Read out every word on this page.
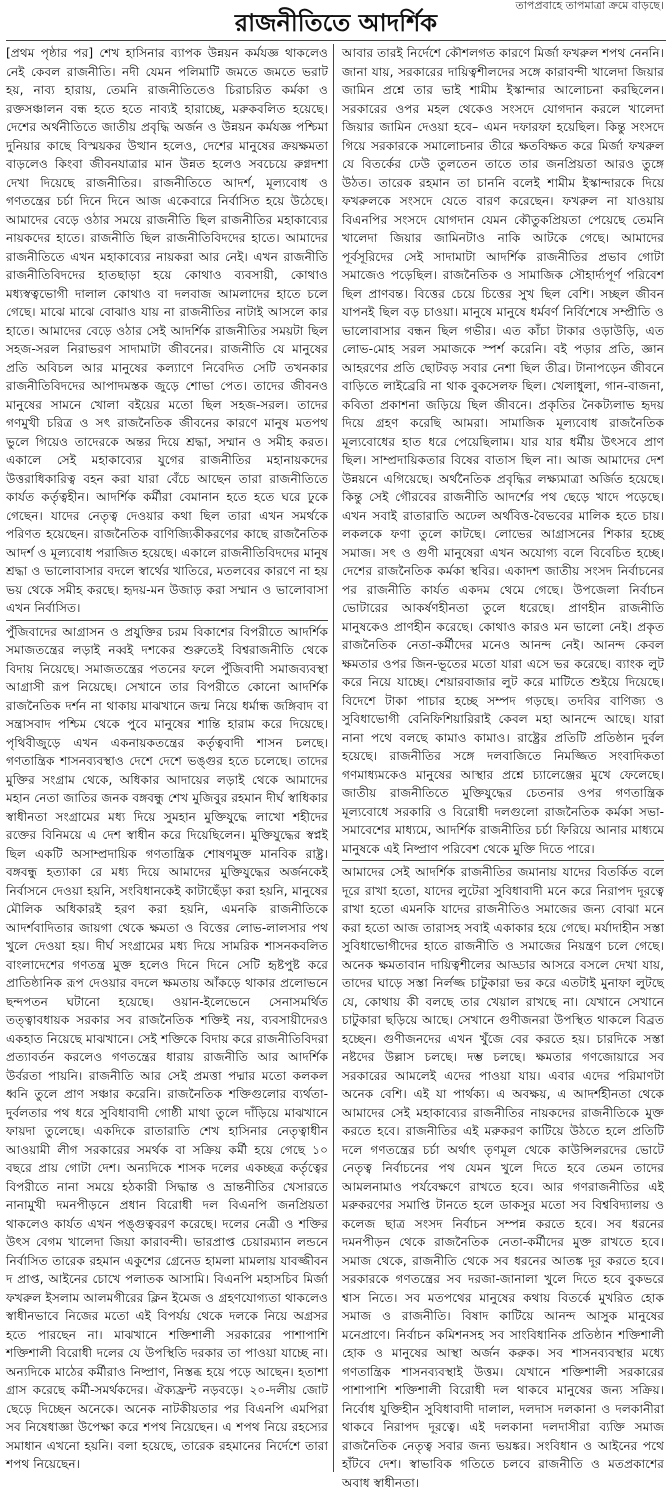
তাপপ্রবাহে তাপমাত্রা ক্রমে বাড়ছে।
রাজনীতিতে আদর্শিক

[প্রথম পৃষ্ঠার পর] শেখ হাসিনার ব্যাপক উন্নয়ন কর্মযজ্ঞ থাকলেও নেই কেবল রাজনীতি। নদী যেমন পলিমাটি জমতে জমতে ভরাট হয়, নাব্য হারায়, তেমনি রাজনীতিতেও চিরাচরিত কর্মকা ও রক্তসঞ্চালন বন্ধ হতে হতে নাব্যই হারাচ্ছে, মরুকবলিত হয়েছে। দেশের অর্থনীতিতে জাতীয় প্রবৃদ্ধি অর্জন ও উন্নয়ন কর্মযজ্ঞ পশ্চিমা দুনিয়ার কাছে বিস্ময়কর উত্থান হলেও, দেশের মানুষের ক্রয়ক্ষমতা বাড়লেও কিংবা জীবনযাত্রার মান উন্নত হলেও সবচেয়ে রুগ্নদশা দেখা দিয়েছে রাজনীতির। রাজনীতিতে আদর্শ, মূল্যবোধ ও গণতন্ত্রের চর্চা দিনে দিনে আজ একেবারে নির্বাসিত হয়ে উঠেছে। আমাদের বেড়ে ওঠার সময়ে রাজনীতি ছিল রাজনীতির মহাকাব্যের নায়কদের হাতে। রাজনীতি ছিল রাজনীতিবিদদের হাতে। আমাদের রাজনীতিতে এখন মহাকাব্যের নায়করা আর নেই। এখন রাজনীতি রাজনীতিবিদদের হাতছাড়া হয়ে কোথাও ব্যবসায়ী, কোথাও মধ্যস্বত্বভোগী দালাল কোথাও বা দলবাজ আমলাদের হাতে চলে গেছে। মাঝে মাঝে বোঝাও যায় না রাজনীতির নাটাই আসলে কার হাতে। আমাদের বেড়ে ওঠার সেই আদর্শিক রাজনীতির সময়টা ছিল সহজ-সরল নিরাভরণ সাদামাটা জীবনের। রাজনীতি যে মানুষের প্রতি অবিচল আর মানুষের কল্যাণে নিবেদিত সেটি তখনকার রাজনীতিবিদদের আপাদমস্তক জুড়ে শোভা পেত। তাদের জীবনও মানুষের সামনে খোলা বইয়ের মতো ছিল সহজ-সরল। তাদের গণমুখী চরিত্র ও সৎ রাজনৈতিক জীবনের কারণে মানুষ মতপথ ভুলে গিয়েও তাদেরকে অন্তর দিয়ে শ্রদ্ধা, সম্মান ও সমীহ করত। একালে সেই মহাকাব্যের যুগের রাজনীতির মহানায়কদের উত্তরাধিকারিত্ব বহন করা যারা বেঁচে আছেন তারা রাজনীতিতে কার্যত কর্তৃত্বহীন। আদর্শিক কর্মীরা বেমানান হতে হতে ঘরে ঢুকে গেছেন। যাদের নেতৃত্ব দেওয়ার কথা ছিল তারা এখন সমর্থকে পরিণত হয়েছেন। রাজনৈতিক বাণিজ্যিকীকরণের কাছে রাজনৈতিক আদর্শ ও মূল্যবোধ পরাজিত হয়েছে। একালে রাজনীতিবিদদের মানুষ শ্রদ্ধা ও ভালোবাসার বদলে স্বার্থের খাতিরে, মতলবের কারণে না হয় ভয় থেকে সমীহ করছে। হৃদয়-মন উজাড় করা সম্মান ও ভালোবাসা এখন নির্বাসিত।

পুঁজিবাদের আগ্রাসন ও প্রযুক্তির চরম বিকাশের বিপরীতে আদর্শিক সমাজতন্ত্রের লড়াই নব্বই দশকের শুরুতেই বিশ্বরাজনীতি থেকে বিদায় নিয়েছে। সমাজতন্ত্রের পতনের ফলে পুঁজিবাদী সমাজব্যবস্থা আগ্রাসী রূপ নিয়েছে। সেখানে তার বিপরীতে কোনো আদর্শিক রাজনৈতিক দর্শন না থাকায় মাঝখানে জন্ম নিয়ে ধর্মান্ধ জঙ্গিবাদ বা সন্ত্রাসবাদ পশ্চিম থেকে পুবে মানুষের শান্তি হারাম করে দিয়েছে। পৃথিবীজুড়ে এখন একনায়কতন্ত্রের কর্তৃত্ববাদী শাসন চলছে। গণতান্ত্রিক শাসনব্যবস্থাও দেশে দেশে ভঙ্গুর হতে চলেছে। তাদের মুক্তির সংগ্রাম থেকে, অধিকার আদায়ের লড়াই থেকে আমাদের মহান নেতা জাতির জনক বঙ্গবন্ধু শেখ মুজিবুর রহমান দীর্ঘ স্বাধিকার স্বাধীনতা সংগ্রামের মধ্য দিয়ে সুমহান মুক্তিযুদ্ধে লাখো শহীদের রক্তের বিনিময়ে এ দেশ স্বাধীন করে দিয়েছিলেন। মুক্তিযুদ্ধের স্বপ্নই ছিল একটি অসাম্প্রদায়িক গণতান্ত্রিক শোষণমুক্ত মানবিক রাষ্ট্র। বঙ্গবন্ধু হত্যাকা রে মধ্য দিয়ে আমাদের মুক্তিযুদ্ধের অর্জনকেই নির্বাসনে দেওয়া হয়নি, সংবিধানকেই কাটাছেঁড়া করা হয়নি, মানুষের মৌলিক অধিকারই হরণ করা হয়নি, এমনকি রাজনীতিকে আদর্শবাদিতার জায়গা থেকে ক্ষমতা ও বিত্তের লোভ-লালসার পথ খুলে দেওয়া হয়। দীর্ঘ সংগ্রামের মধ্য দিয়ে সামরিক শাসনকবলিত বাংলাদেশের গণতন্ত্র মুক্ত হলেও দিনে দিনে সেটি হৃষ্টপুষ্ট করে প্রাতিষ্ঠানিক রূপ দেওয়ার বদলে ক্ষমতায় আঁকড়ে থাকার প্রলোভনে ছন্দপতন ঘটানো হয়েছে। ওয়ান-ইলেভেনে সেনাসমর্থিত তত্ত্বাবধায়ক সরকার সব রাজনৈতিক শক্তিই নয়, ব্যবসায়ীদেরও একহাত নিয়েছে মাঝখানে। সেই শক্তিকে বিদায় করে রাজনীতিবিদরা প্রত্যাবর্তন করলেও গণতন্ত্রের ধারায় রাজনীতি আর আদর্শিক উর্বরতা পায়নি। রাজনীতি আর সেই প্রমত্তা পদ্মার মতো কলকল ধ্বনি তুলে প্রাণ সঞ্চার করেনি। রাজনৈতিক শক্তিগুলোর ব্যর্থতা-দুর্বলতার পথ ধরে সুবিধাবাদী গোষ্ঠী মাথা তুলে দাঁড়িয়ে মাঝখানে ফায়দা তুলেছে। একদিকে রাতারাতি শেখ হাসিনার নেতৃত্বাধীন আওয়ামী লীগ সরকারের সমর্থক বা সক্রিয় কর্মী হয়ে গেছে ১০ বছরে প্রায় গোটা দেশ। অন্যদিকে শাসক দলের একচ্ছত্র কর্তৃত্বের বিপরীতে নানা সময়ে হঠকারী সিদ্ধান্ত ও ভ্রান্তনীতির খেসারতে নানামুখী দমনপীড়নে প্রধান বিরোধী দল বিএনপি জনপ্রিয়তা থাকলেও কার্যত এখন পঙ্গুত্ববরণ করেছে। দলের নেত্রী ও শক্তির উৎস বেগম খালেদা জিয়া কারাবন্দী। ভারপ্রাপ্ত চেয়ারম্যান লন্ডনে নির্বাসিত তারেক রহমান একুশের গ্রেনেড হামলা মামলায় যাবজ্জীবন দ প্রাপ্ত, আইনের চোখে পলাতক আসামি। বিএনপি মহাসচিব মির্জা ফখরুল ইসলাম আলমগীরের ক্লিন ইমেজ ও গ্রহণযোগ্যতা থাকলেও স্বাধীনভাবে নিজের মতো এই বিপর্যয় থেকে দলকে নিয়ে অগ্রসর হতে পারছেন না। মাঝখানে শক্তিশালী সরকারের পাশাপাশি শক্তিশালী বিরোধী দলের যে উপস্থিতি দরকার তা পাওয়া যাচ্ছে না। অন্যদিকে মাঠের কর্মীরাও নিষ্প্রাণ, নিস্তব্ধ হয়ে পড়ে আছেন। হতাশা গ্রাস করেছে কর্মী-সমর্থকদের। ঐক্যফ্রন্ট নড়বড়ে। ২০-দলীয় জোট ছেড়ে দিচ্ছেন অনেকে। অনেক নাটকীয়তার পর বিএনপি এমপিরা সব নিষেধাজ্ঞা উপেক্ষা করে শপথ নিয়েছেন। এ শপথ নিয়ে রহস্যের সমাধান এখনো হয়নি। বলা হয়েছে, তারেক রহমানের নির্দেশে তারা শপথ নিয়েছেন।

আবার তারই নির্দেশে কৌশলগত কারণে মির্জা ফখরুল শপথ নেননি। জানা যায়, সরকারের দায়িত্বশীলদের সঙ্গে কারাবন্দী খালেদা জিয়ার জামিন প্রশ্নে তার ভাই শামীম ইস্কান্দার আলোচনা করছিলেন। সরকারের ওপর মহল থেকেও সংসদে যোগদান করলে খালেদা জিয়ার জামিন দেওয়া হবে– এমন দফারফা হয়েছিল। কিন্তু সংসদে গিয়ে সরকারকে সমালোচনার তীরে ক্ষতবিক্ষত করে মির্জা ফখরুল যে বিতর্কের ঢেউ তুলতেন তাতে তার জনপ্রিয়তা আরও তুঙ্গে উঠত। তারেক রহমান তা চাননি বলেই শামীম ইস্কান্দারকে দিয়ে ফখরুলকে সংসদে যেতে বারণ করেছেন। ফখরুল না যাওয়ায় বিএনপির সংসদে যোগদান যেমন কৌতুকপ্রিয়তা পেয়েছে তেমনি খালেদা জিয়ার জামিনটাও নাকি আটকে গেছে। আমাদের পূর্বসূরিদের সেই সাদামাটা আদর্শিক রাজনীতির প্রভাব গোটা সমাজেও পড়েছিল। রাজনৈতিক ও সামাজিক সৌহার্দ্যপূর্ণ পরিবেশ ছিল প্রাণবন্ত। বিত্তের চেয়ে চিত্তের সুখ ছিল বেশি। সচ্ছল জীবন যাপনই ছিল বড় চাওয়া। মানুষে মানুষে ধর্মবর্ণ নির্বিশেষে সম্প্রীতি ও ভালোবাসার বন্ধন ছিল গভীর। এত কাঁচা টাকার ওড়াউড়ি, এত লোভ-মোহ সরল সমাজকে স্পর্শ করেনি। বই পড়ার প্রতি, জ্ঞান আহরণের প্রতি ছোটবড় সবার নেশা ছিল তীব্র। টানাপড়েন জীবনে বাড়িতে লাইব্রেরি না থাক বুকসেলফ ছিল। খেলাধুলা, গান-বাজনা, কবিতা প্রকাশনা জড়িয়ে ছিল জীবনে। প্রকৃতির নৈকট্যলাভ হৃদয় দিয়ে গ্রহণ করেছি আমরা। সামাজিক মূল্যবোধ রাজনৈতিক মূল্যবোধের হাত ধরে পেয়েছিলাম। যার যার ধর্মীয় উৎসবে প্রাণ ছিল। সাম্প্রদায়িকতার বিষের বাতাস ছিল না। আজ আমাদের দেশ উন্নয়নে এগিয়েছে। অর্থনৈতিক প্রবৃদ্ধির লক্ষ্যমাত্রা অর্জিত হয়েছে। কিন্তু সেই গৌরবের রাজনীতি আদর্শের পথ ছেড়ে খাদে পড়েছে। এখন সবাই রাতারাতি অঢেল অর্থবিত্ত-বৈভবের মালিক হতে চায়। লকলকে ফণা তুলে কাটছে। লোভের আগ্রাসনের শিকার হচ্ছে সমাজ। সৎ ও গুণী মানুষেরা এখন অযোগ্য বলে বিবেচিত হচ্ছে। দেশের রাজনৈতিক কর্মকা স্থবির। একাদশ জাতীয় সংসদ নির্বাচনের পর রাজনীতি কার্যত একদম থেমে গেছে। উপজেলা নির্বাচন ভোটারের আকর্ষণহীনতা তুলে ধরেছে। প্রাণহীন রাজনীতি মানুষকেও প্রাণহীন করেছে। কোথাও কারও মন ভালো নেই। প্রকৃত রাজনৈতিক নেতা-কর্মীদের মনেও আনন্দ নেই। আনন্দ কেবল ক্ষমতার ওপর জিন-ভূতের মতো যারা এসে ভর করেছে। ব্যাংক লুট করে নিয়ে যাচ্ছে। শেয়ারবাজার লুট করে মাটিতে শুইয়ে দিয়েছে। বিদেশে টাকা পাচার হচ্ছে সম্পদ গড়ছে। তদবির বাণিজ্য ও সুবিধাভোগী বেনিফিশিয়ারিরাই কেবল মহা আনন্দে আছে। যারা নানা পথে বলছে কামাও কামাও। রাষ্ট্রের প্রতিটি প্রতিষ্ঠান দুর্বল হয়েছে। রাজনীতির সঙ্গে দলবাজিতে নিমজ্জিত সংবাদিকতা গণমাধ্যমকেও মানুষের আস্থার প্রশ্নে চ্যালেঞ্জের মুখে ফেলেছে। জাতীয় রাজনীতিতে মুক্তিযুদ্ধের চেতনার ওপর গণতান্ত্রিক মূল্যবোধে সরকারি ও বিরোধী দলগুলো রাজনৈতিক কর্মকা সভা-সমাবেশের মাধ্যমে, আদর্শিক রাজনীতির চর্চা ফিরিয়ে আনার মাধ্যমে মানুষকে এই নিষ্প্রাণ পরিবেশ থেকে মুক্তি দিতে পারে।

আমাদের সেই আদর্শিক রাজনীতির জমানায় যাদের বিতর্কিত বলে দূরে রাখা হতো, যাদের লুটেরা সুবিধাবাদী মনে করে নিরাপদ দূরত্বে রাখা হতো এমনকি যাদের রাজনীতিও সমাজের জন্য বোঝা মনে করা হতো আজ তারাসহ সবাই একাকার হয়ে গেছে। মর্যাদাহীন সস্তা সুবিধাভোগীদের হাতে রাজনীতি ও সমাজের নিয়ন্ত্রণ চলে গেছে। অনেক ক্ষমতাবান দায়িত্বশীলের আড্ডার আসরে বসলে দেখা যায়, তাদের ঘাড়ে সস্তা নির্লজ্জ চাটুকারা ভর করে এতটাই মুনাফা লুটছে যে, কোথায় কী বলছে তার খেয়াল রাখছে না। যেখানে সেখানে চাটুকারা ছড়িয়ে আছে। সেখানে গুণীজনরা উপস্থিত থাকলে বিব্রত হচ্ছেন। গুণীজনদের এখন খুঁজে বের করতে হয়। চারদিকে সস্তা নষ্টদের উল্লাস চলছে। দম্ভ চলছে। ক্ষমতার গণজোয়ারে সব সরকারের আমলেই এদের পাওয়া যায়। এবার এদের পরিমাণটা অনেক বেশি। এই যা পার্থক্য। এ অবক্ষয়, এ আদর্শহীনতা থেকে আমাদের সেই মহাকাব্যের রাজনীতির নায়কদের রাজনীতিকে মুক্ত করতে হবে। রাজনীতির এই মরুকরণ কাটিয়ে উঠতে হলে প্রতিটি দলে গণতন্ত্রের চর্চা অর্থাৎ তৃণমূল থেকে কাউন্সিলরদের ভোটে নেতৃত্ব নির্বাচনের পথ যেমন খুলে দিতে হবে তেমন তাদের আমলনামাও পর্যবেক্ষণে রাখতে হবে। আর গণরাজনীতির এই মরুকরণের সমাপ্তি টানতে হলে ডাকসুর মতো সব বিশ্ববিদ্যালয় ও কলেজ ছাত্র সংসদ নির্বাচন সম্পন্ন করতে হবে। সব ধরনের দমনপীড়ন থেকে রাজনৈতিক নেতা-কর্মীদের মুক্ত রাখতে হবে। সমাজ থেকে, রাজনীতি থেকে সব ধরনের আতঙ্ক দূর করতে হবে। সরকারকে গণতন্ত্রের সব দরজা-জানালা খুলে দিতে হবে বুকভরে শ্বাস নিতে। সব মতপথের মানুষের কথায় বিতর্কে মুখরিত হোক সমাজ ও রাজনীতি। বিষাদ কাটিয়ে আনন্দ আসুক মানুষের মনেপ্রাণে। নির্বাচন কমিশনসহ সব সাংবিধানিক প্রতিষ্ঠান শক্তিশালী হোক ও মানুষের আস্থা অর্জন করুক। সব শাসনব্যবস্থার মধ্যে গণতান্ত্রিক শাসনব্যবস্থাই উত্তম। যেখানে শক্তিশালী সরকারের পাশাপাশি শক্তিশালী বিরোধী দল থাকবে মানুষের জন্য সক্রিয়। নির্বোধ যুক্তিহীন সুবিধাবাদী দালাল, দলদাস দলকানা ও দলকানীরা থাকবে নিরাপদ দূরত্বে। এই দলকানা দলদাসীরা ব্যক্তি সমাজ রাজনৈতিক নেতৃত্ব সবার জন্য ভয়ঙ্কর। সংবিধান ও আইনের পথে হাঁটবে দেশ। স্বাভাবিক গতিতে চলবে রাজনীতি ও মতপ্রকাশের অবাধ স্বাধীনতা।
